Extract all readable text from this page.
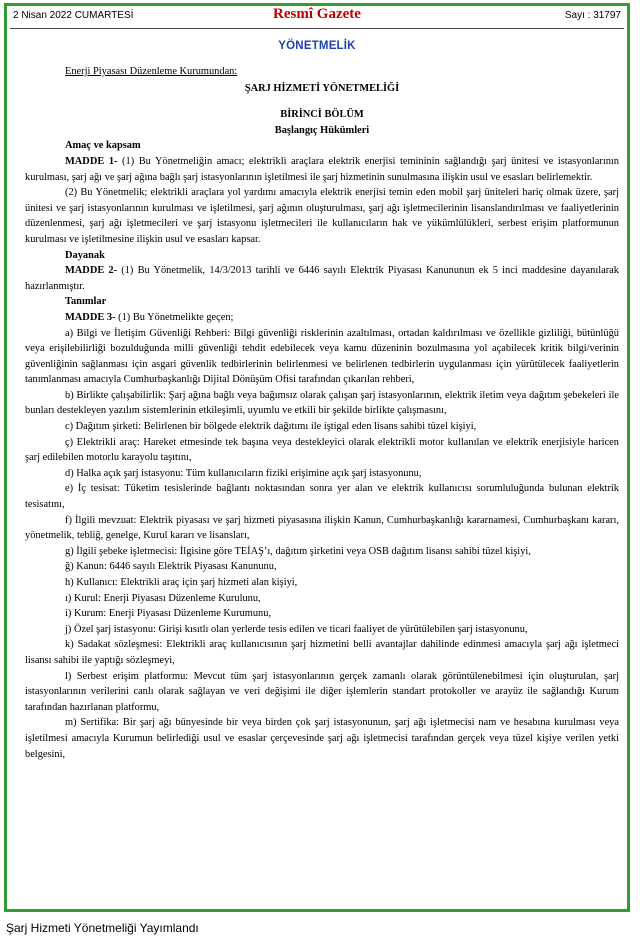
2 Nisan 2022 CUMARTESİ	Resmî Gazete	Sayı : 31797
YÖNETMELİK
Enerji Piyasası Düzenleme Kurumundan:
ŞARJ HİZMETİ YÖNETMELİĞİ
BİRİNCİ BÖLÜM
Başlangıç Hükümleri
Amaç ve kapsam

MADDE 1- (1) Bu Yönetmeliğin amacı; elektrikli araçlara elektrik enerjisi temininin sağlandığı şarj ünitesi ve istasyonlarının kurulması, şarj ağı ve şarj ağına bağlı şarj istasyonlarının işletilmesi ile şarj hizmetinin sunulmasına ilişkin usul ve esasları belirlemektir.

(2) Bu Yönetmelik; elektrikli araçlara yol yardımı amacıyla elektrik enerjisi temin eden mobil şarj üniteleri hariç olmak üzere, şarj ünitesi ve şarj istasyonlarının kurulması ve işletilmesi, şarj ağının oluşturulması, şarj ağı işletmecilerinin lisanslandırılması ve faaliyetlerinin düzenlenmesi, şarj ağı işletmecileri ve şarj istasyonu işletmecileri ile kullanıcıların hak ve yükümlülükleri, serbest erişim platformunun kurulması ve işletilmesine ilişkin usul ve esasları kapsar.

Dayanak

MADDE 2- (1) Bu Yönetmelik, 14/3/2013 tarihli ve 6446 sayılı Elektrik Piyasası Kanununun ek 5 inci maddesine dayanılarak hazırlanmıştır.

Tanımlar

MADDE 3- (1) Bu Yönetmelikte geçen;

a) Bilgi ve İletişim Güvenliği Rehberi: Bilgi güvenliği risklerinin azaltılması, ortadan kaldırılması ve özellikle gizliliği, bütünlüğü veya erişilebilirliği bozulduğunda milli güvenliği tehdit edebilecek veya kamu düzeninin bozulmasına yol açabilecek kritik bilgi/verinin güvenliğinin sağlanması için asgari güvenlik tedbirlerinin belirlenmesi ve belirlenen tedbirlerin uygulanması için yürütülecek faaliyetlerin tanımlanması amacıyla Cumhurbaşkanlığı Dijital Dönüşüm Ofisi tarafından çıkarılan rehberi,

b) Birlikte çalışabilirlik: Şarj ağına bağlı veya bağımsız olarak çalışan şarj istasyonlarının, elektrik iletim veya dağıtım şebekeleri ile bunları destekleyen yazılım sistemlerinin etkileşimli, uyumlu ve etkili bir şekilde birlikte çalışmasını,

c) Dağıtım şirketi: Belirlenen bir bölgede elektrik dağıtımı ile iştigal eden lisans sahibi tüzel kişiyi,

ç) Elektrikli araç: Hareket etmesinde tek başına veya destekleyici olarak elektrikli motor kullanılan ve elektrik enerjisiyle haricen şarj edilebilen motorlu karayolu taşıtını,

d) Halka açık şarj istasyonu: Tüm kullanıcıların fiziki erişimine açık şarj istasyonunu,

e) İç tesisat: Tüketim tesislerinde bağlantı noktasından sonra yer alan ve elektrik kullanıcısı sorumluluğunda bulunan elektrik tesisatını,

f) İlgili mevzuat: Elektrik piyasası ve şarj hizmeti piyasasına ilişkin Kanun, Cumhurbaşkanlığı kararnamesi, Cumhurbaşkanı kararı, yönetmelik, tebliğ, genelge, Kurul kararı ve lisansları,

g) İlgili şebeke işletmecisi: İlgisine göre TEİAŞ’ı, dağıtım şirketini veya OSB dağıtım lisansı sahibi tüzel kişiyi,

ğ) Kanun: 6446 sayılı Elektrik Piyasası Kanununu,

h) Kullanıcı: Elektrikli araç için şarj hizmeti alan kişiyi,

ı) Kurul: Enerji Piyasası Düzenleme Kurulunu,

i) Kurum: Enerji Piyasası Düzenleme Kurumunu,

j) Özel şarj istasyonu: Girişi kısıtlı olan yerlerde tesis edilen ve ticari faaliyet de yürütülebilen şarj istasyonunu,

k) Sadakat sözleşmesi: Elektrikli araç kullanıcısının şarj hizmetini belli avantajlar dahilinde edinmesi amacıyla şarj ağı işletmeci lisansı sahibi ile yaptığı sözleşmeyi,

l) Serbest erişim platformu: Mevcut tüm şarj istasyonlarının gerçek zamanlı olarak görüntülenebilmesi için oluşturulan, şarj istasyonlarının verilerini canlı olarak sağlayan ve veri değişimi ile diğer işlemlerin standart protokoller ve arayüz ile sağlandığı Kurum tarafından hazırlanan platformu,

m) Sertifika: Bir şarj ağı bünyesinde bir veya birden çok şarj istasyonunun, şarj ağı işletmecisi nam ve hesabına kurulması veya işletilmesi amacıyla Kurumun belirlediği usul ve esaslar çerçevesinde şarj ağı işletmecisi tarafından gerçek veya tüzel kişiye verilen yetki belgesini,

Şarj Hizmeti Yönetmeliği Yayımlandı
